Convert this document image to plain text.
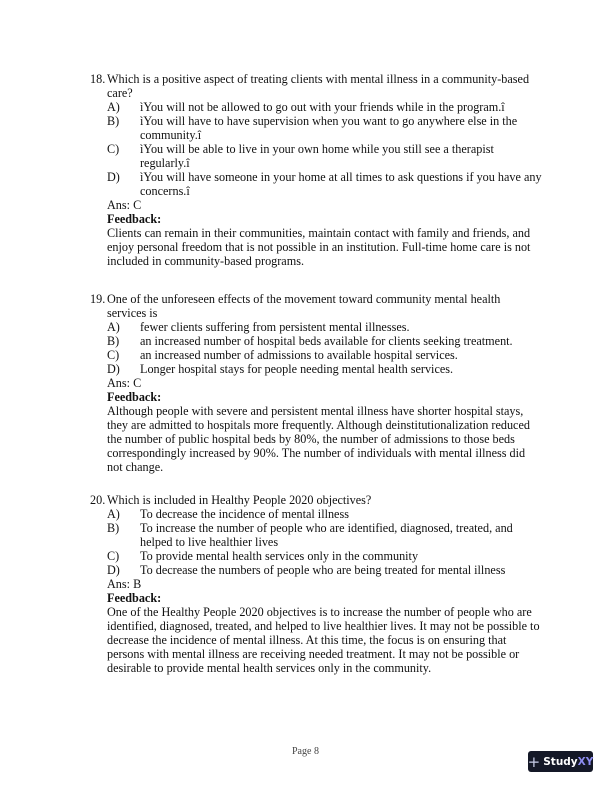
18. Which is a positive aspect of treating clients with mental illness in a community-based care?
A)	ìYou will not be allowed to go out with your friends while in the program.î
B)	ìYou will have to have supervision when you want to go anywhere else in the community.î
C)	ìYou will be able to live in your own home while you still see a therapist regularly.î
D)	ìYou will have someone in your home at all times to ask questions if you have any concerns.î
Ans: C
Feedback:
Clients can remain in their communities, maintain contact with family and friends, and enjoy personal freedom that is not possible in an institution. Full-time home care is not included in community-based programs.
19. One of the unforeseen effects of the movement toward community mental health services is
A)	fewer clients suffering from persistent mental illnesses.
B)	an increased number of hospital beds available for clients seeking treatment.
C)	an increased number of admissions to available hospital services.
D)	Longer hospital stays for people needing mental health services.
Ans: C
Feedback:
Although people with severe and persistent mental illness have shorter hospital stays, they are admitted to hospitals more frequently. Although deinstitutionalization reduced the number of public hospital beds by 80%, the number of admissions to those beds correspondingly increased by 90%. The number of individuals with mental illness did not change.
20. Which is included in Healthy People 2020 objectives?
A)	To decrease the incidence of mental illness
B)	To increase the number of people who are identified, diagnosed, treated, and helped to live healthier lives
C)	To provide mental health services only in the community
D)	To decrease the numbers of people who are being treated for mental illness
Ans: B
Feedback:
One of the Healthy People 2020 objectives is to increase the number of people who are identified, diagnosed, treated, and helped to live healthier lives. It may not be possible to decrease the incidence of mental illness. At this time, the focus is on ensuring that persons with mental illness are receiving needed treatment. It may not be possible or desirable to provide mental health services only in the community.
Page 8
+ StudyXY
